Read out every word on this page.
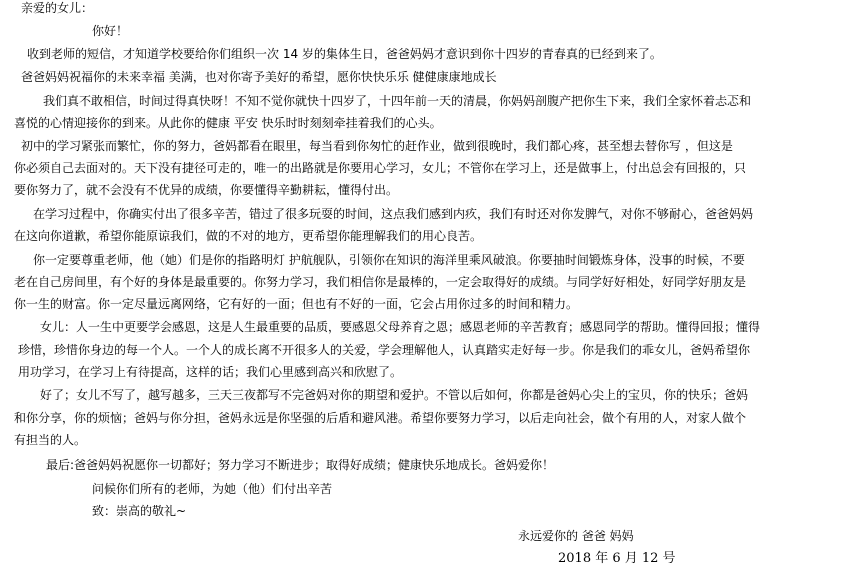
亲爱的女儿：
你好！
收到老师的短信，才知道学校要给你们组织一次 14 岁的集体生日，爸爸妈妈才意识到你十四岁的青春真的已经到来了。
爸爸妈妈祝福你的未来幸福 美满，也对你寄予美好的希望，愿你快快乐乐 健健康康地成长
我们真不敢相信，时间过得真快呀！不知不觉你就快十四岁了，十四年前一天的清晨，你妈妈剖腹产把你生下来，我们全家怀着忐忑和
喜悦的心情迎接你的到来。从此你的健康 平安 快乐时时刻刻牵挂着我们的心头。
初中的学习紧张而繁忙，你的努力，爸妈都看在眼里，每当看到你匆忙的赶作业，做到很晚时，我们都心疼，甚至想去替你写 ，但这是
你必须自己去面对的。天下没有捷径可走的，唯一的出路就是你要用心学习，女儿；不管你在学习上，还是做事上，付出总会有回报的，只
要你努力了，就不会没有不优异的成绩，你要懂得辛勤耕耘，懂得付出。
在学习过程中，你确实付出了很多辛苦，错过了很多玩耍的时间，这点我们感到内疚，我们有时还对你发脾气，对你不够耐心，爸爸妈妈
在这向你道歉，希望你能原谅我们，做的不对的地方，更希望你能理解我们的用心良苦。
你一定要尊重老师，他（她）们是你的指路明灯 护航舰队，引领你在知识的海洋里乘风破浪。你要抽时间锻炼身体，没事的时候，不要
老在自己房间里，有个好的身体是最重要的。你努力学习，我们相信你是最棒的，一定会取得好的成绩。与同学好好相处，好同学好朋友是
你一生的财富。你一定尽量远离网络，它有好的一面；但也有不好的一面，它会占用你过多的时间和精力。
女儿：人一生中更要学会感恩，这是人生最重要的品质，要感恩父母养育之恩；感恩老师的辛苦教育；感恩同学的帮助。懂得回报；懂得
珍惜，珍惜你身边的每一个人。一个人的成长离不开很多人的关爱，学会理解他人，认真踏实走好每一步。你是我们的乖女儿，爸妈希望你
用功学习，在学习上有待提高，这样的话；我们心里感到高兴和欣慰了。
好了；女儿不写了，越写越多，三天三夜都写不完爸妈对你的期望和爱护。不管以后如何，你都是爸妈心尖上的宝贝，你的快乐；爸妈
和你分享，你的烦恼；爸妈与你分担，爸妈永远是你坚强的后盾和避风港。希望你要努力学习，以后走向社会，做个有用的人，对家人做个
有担当的人。
最后:爸爸妈妈祝愿你一切都好；努力学习不断进步；取得好成绩；健康快乐地成长。爸妈爱你！
问候你们所有的老师，为她（他）们付出辛苦
致：崇高的敬礼~
永远爱你的 爸爸 妈妈
2018 年 6 月 12 号
